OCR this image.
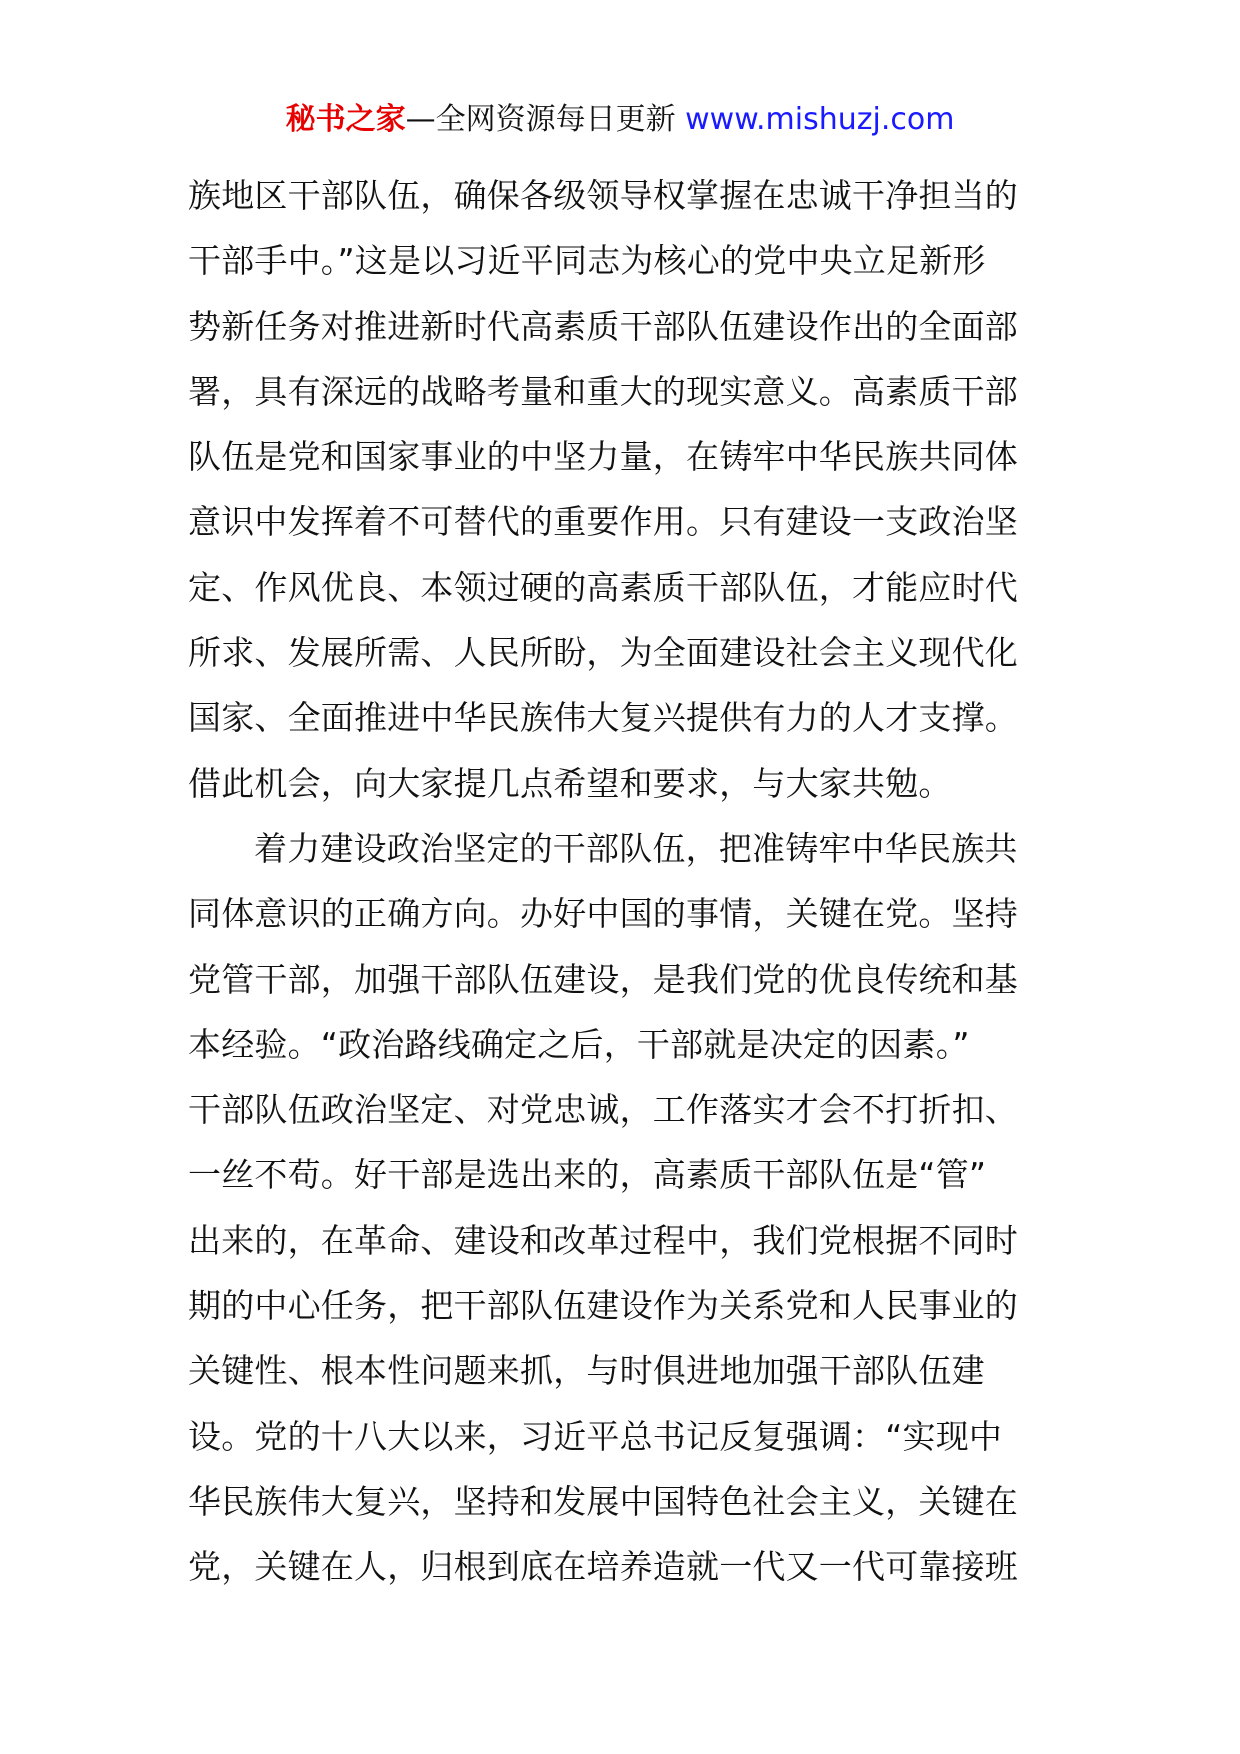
秘书之家—全网资源每日更新 www.mishuzj.com
族地区干部队伍，确保各级领导权掌握在忠诚干净担当的
干部手中。”这是以习近平同志为核心的党中央立足新形
势新任务对推进新时代高素质干部队伍建设作出的全面部
署，具有深远的战略考量和重大的现实意义。高素质干部
队伍是党和国家事业的中坚力量，在铸牢中华民族共同体
意识中发挥着不可替代的重要作用。只有建设一支政治坚
定、作风优良、本领过硬的高素质干部队伍，才能应时代
所求、发展所需、人民所盼，为全面建设社会主义现代化
国家、全面推进中华民族伟大复兴提供有力的人才支撑。
借此机会，向大家提几点希望和要求，与大家共勉。
着力建设政治坚定的干部队伍，把准铸牢中华民族共
同体意识的正确方向。办好中国的事情，关键在党。坚持
党管干部，加强干部队伍建设，是我们党的优良传统和基
本经验。“政治路线确定之后，干部就是决定的因素。”
干部队伍政治坚定、对党忠诚，工作落实才会不打折扣、
一丝不苟。好干部是选出来的，高素质干部队伍是“管”
出来的，在革命、建设和改革过程中，我们党根据不同时
期的中心任务，把干部队伍建设作为关系党和人民事业的
关键性、根本性问题来抓，与时俱进地加强干部队伍建
设。党的十八大以来，习近平总书记反复强调：“实现中
华民族伟大复兴，坚持和发展中国特色社会主义，关键在
党，关键在人，归根到底在培养造就一代又一代可靠接班
